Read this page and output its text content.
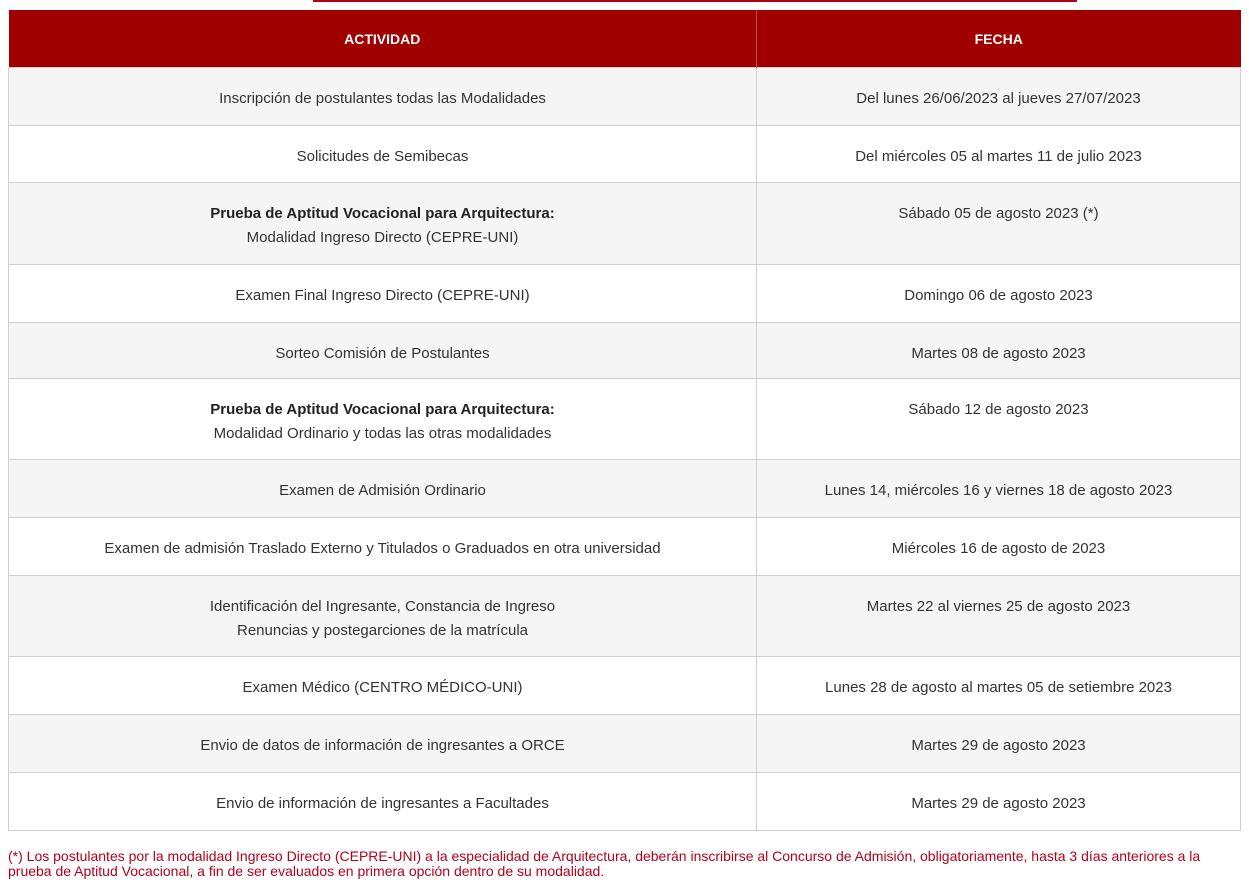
ACTIVIDAD	FECHA
Inscripción de postulantes todas las Modalidades	Del lunes 26/06/2023 al jueves 27/07/2023
Solicitudes de Semibecas	Del miércoles 05 al martes 11 de julio 2023

Prueba de Aptitud Vocacional para Arquitectura:
Modalidad Ingreso Directo (CEPRE-UNI)	Sábado 05 de agosto 2023 (*)
Examen Final Ingreso Directo (CEPRE-UNI)	Domingo 06 de agosto 2023
Sorteo Comisión de Postulantes	Martes 08 de agosto 2023

Prueba de Aptitud Vocacional para Arquitectura:
Modalidad Ordinario y todas las otras modalidades	Sábado 12 de agosto 2023
Examen de Admisión Ordinario	Lunes 14, miércoles 16 y viernes 18 de agosto 2023
Examen de admisión Traslado Externo y Titulados o Graduados en otra universidad	Miércoles 16 de agosto de 2023

Identificación del Ingresante, Constancia de Ingreso
Renuncias y postegarciones de la matrícula	Martes 22 al viernes 25 de agosto 2023
Examen Médico (CENTRO MÉDICO-UNI)	Lunes 28 de agosto al martes 05 de setiembre 2023
Envio de datos de información de ingresantes a ORCE	Martes 29 de agosto 2023
Envio de información de ingresantes a Facultades	Martes 29 de agosto 2023
(*) Los postulantes por la modalidad Ingreso Directo (CEPRE-UNI) a la especialidad de Arquitectura, deberán inscribirse al Concurso de Admisión, obligatoriamente, hasta 3 días anteriores a la prueba de Aptitud Vocacional, a fin de ser evaluados en primera opción dentro de su modalidad.
